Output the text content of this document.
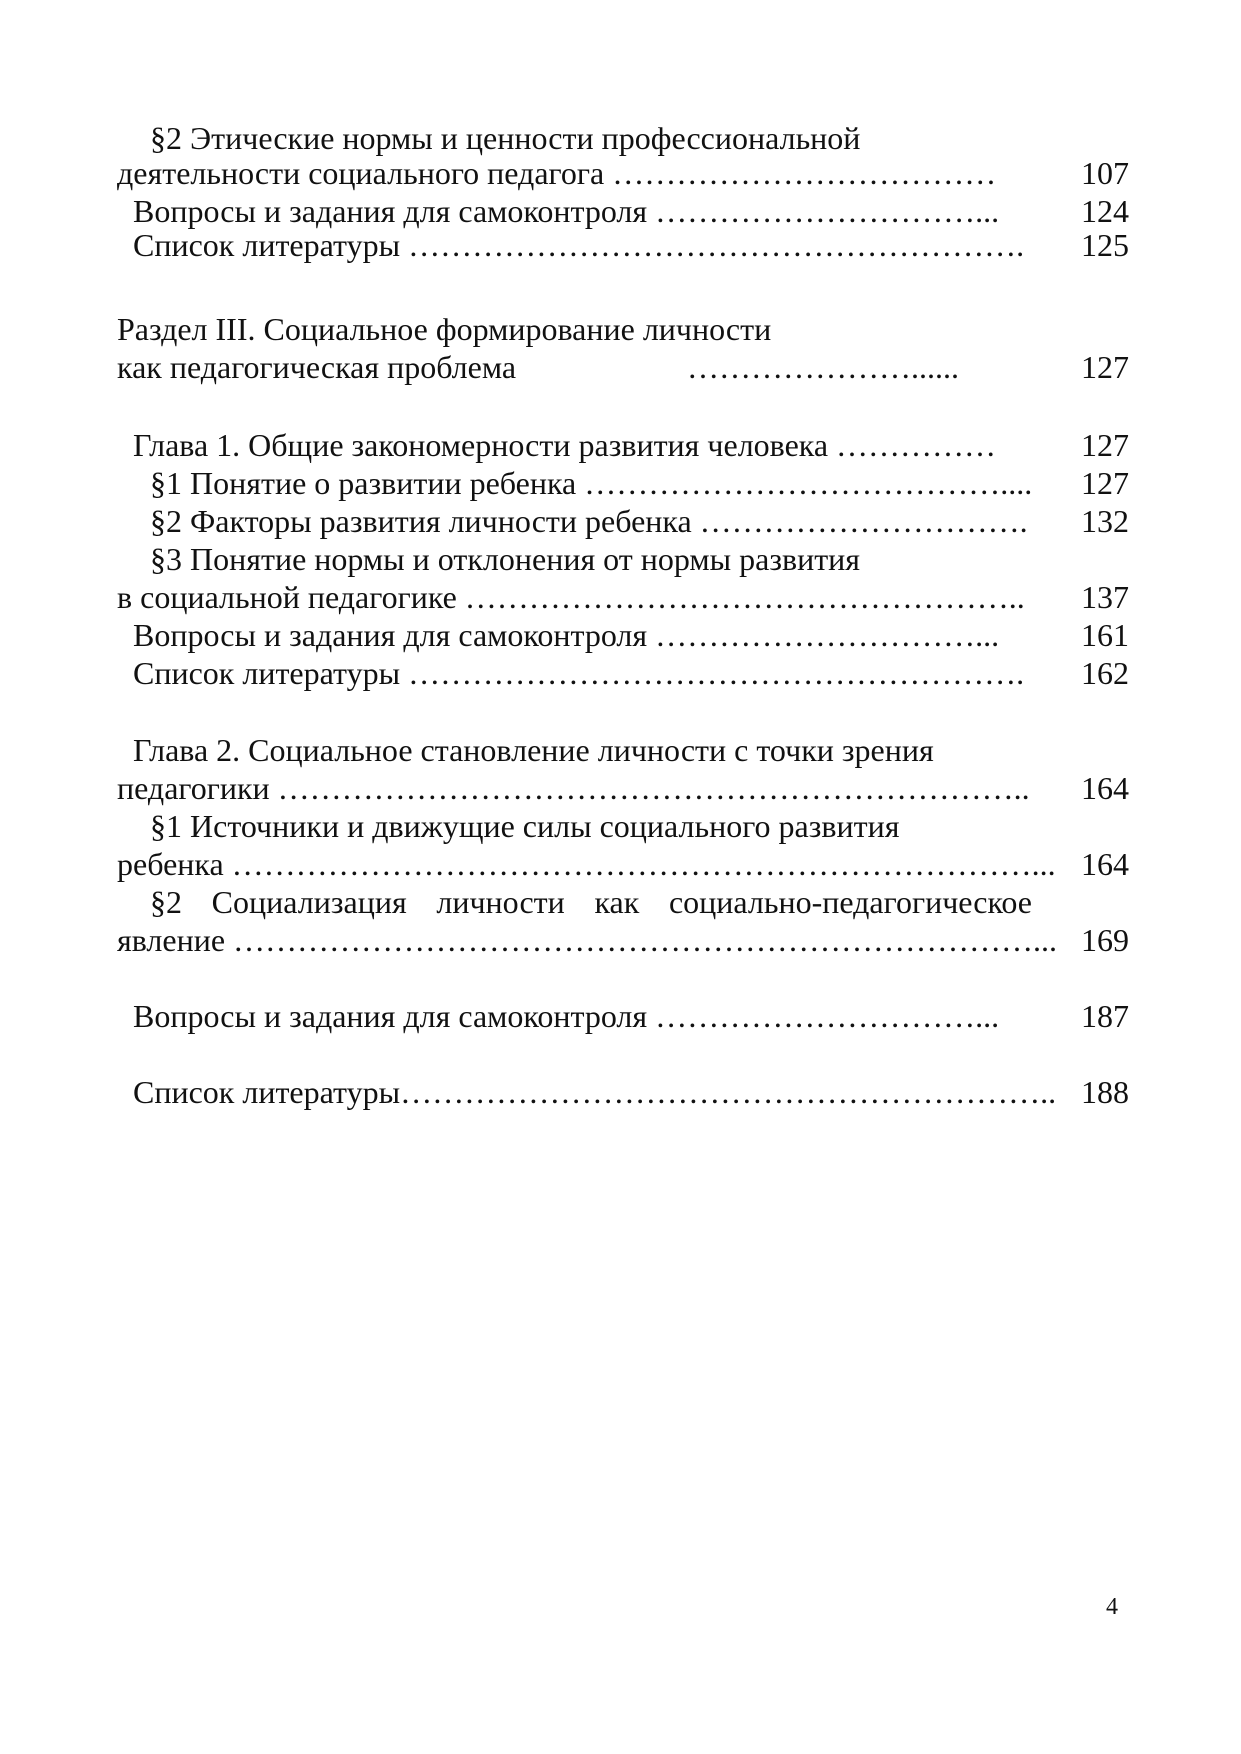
§2 Этические нормы и ценности профессиональной
деятельности социального педагога ………………………………	107
Вопросы и задания для самоконтроля …………………………...	124
Список литературы ………………………………………………….	125
Раздел III. Социальное формирование личности
как педагогическая проблема	…………………......	127
Глава 1. Общие закономерности развития человека ……………	127
§1 Понятие о развитии ребенка …………………………………....	127
§2 Факторы развития личности ребенка ………………………….	132
§3 Понятие нормы и отклонения от нормы развития
в социальной педагогике ……………………………………………..	137
Вопросы и задания для самоконтроля …………………………...	161
Список литературы ………………………………………………….	162
Глава 2. Социальное становление личности с точки зрения
педагогики ……………………………………………………………..	164
§1 Источники и движущие силы социального развития
ребенка …………………………………………………………………... 164
§2 Социализация личности как социально-педагогическое
явление …………………………………………………………………... 169
Вопросы и задания для самоконтроля …………………………...	187
Список литературы…………………………………………………….. 188
4
